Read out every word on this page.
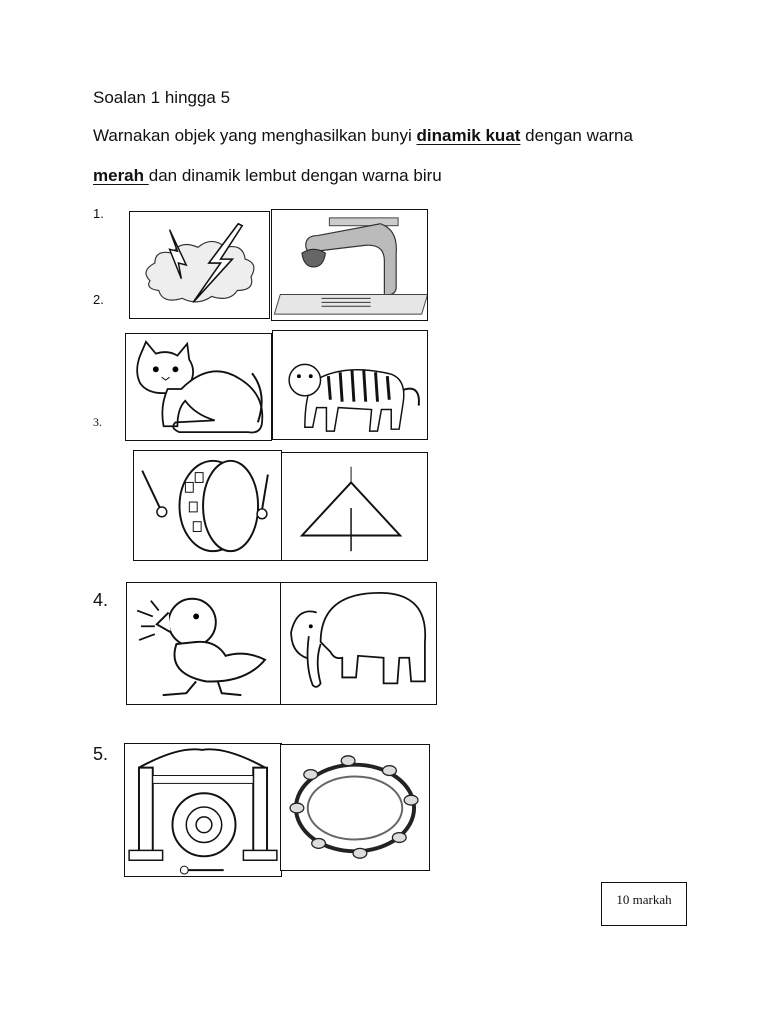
Soalan 1 hingga 5
Warnakan objek yang menghasilkan bunyi dinamik kuat dengan warna
merah dan dinamik lembut dengan warna biru
1.
2.
3.
4.
5.
10 markah
